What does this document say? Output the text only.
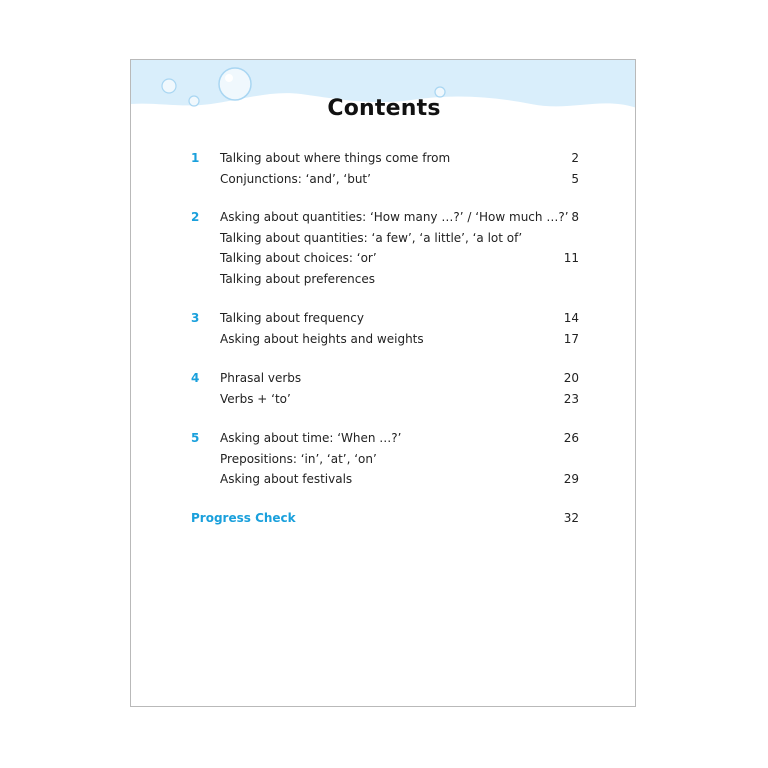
Contents
1	Talking about where things come from	2
Conjunctions: ‘and’, ‘but’	5
2	Asking about quantities: ‘How many …?’ / ‘How much …?’ 8
Talking about quantities: ‘a few’, ‘a little’, ‘a lot of’
Talking about choices: ‘or’	11
Talking about preferences
3	Talking about frequency	14
Asking about heights and weights	17
4	Phrasal verbs	20
Verbs + ‘to’	23
5	Asking about time: ‘When …?’	26
Prepositions: ‘in’, ‘at’, ‘on’
Asking about festivals	29
Progress Check	32
